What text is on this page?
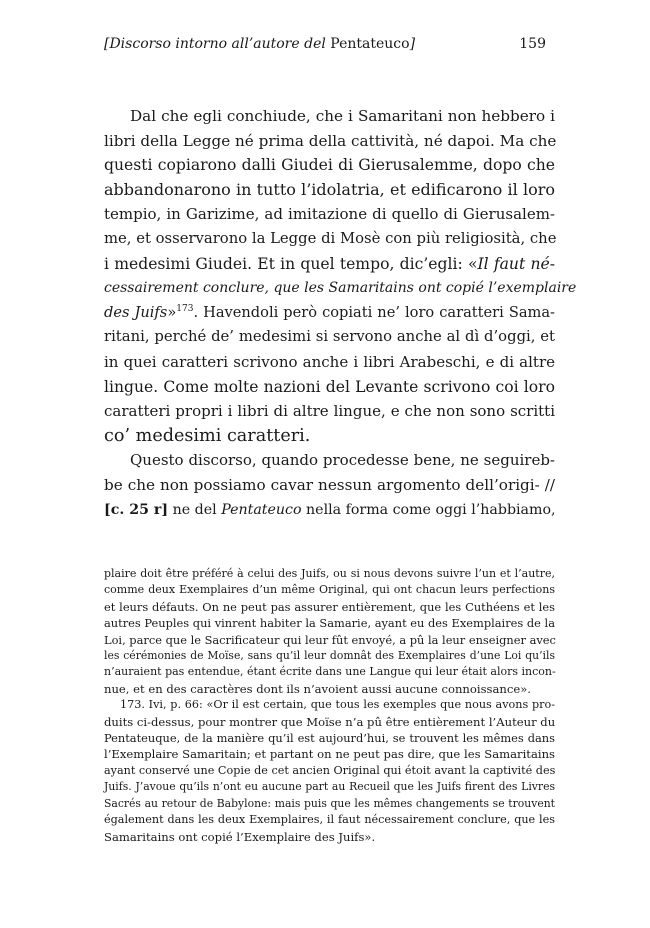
[Discorso intorno all’autore del Pentateuco]	159
Dal che egli conchiude, che i Samaritani non hebbero i
libri della Legge né prima della cattività, né dapoi. Ma che
questi copiarono dalli Giudei di Gierusalemme, dopo che
abbandonarono in tutto l’idolatria, et edificarono il loro
tempio, in Garizime, ad imitazione di quello di Gierusalem-
me, et osservarono la Legge di Mosè con più religiosità, che
i medesimi Giudei. Et in quel tempo, dic’egli: «Il faut né-
cessairement conclure, que les Samaritains ont copié l’exemplaire
des Juifs»$^{173}$. Havendoli però copiati ne’ loro caratteri Sama-
ritani, perché de’ medesimi si servono anche al dì d’oggi, et
in quei caratteri scrivono anche i libri Arabeschi, e di altre
lingue. Come molte nazioni del Levante scrivono coi loro
caratteri propri i libri di altre lingue, e che non sono scritti
co’ medesimi caratteri.
Questo discorso, quando procedesse bene, ne seguireb-
be che non possiamo cavar nessun argomento dell’origi- //
[c. 25 r] ne del Pentateuco nella forma come oggi l’habbiamo,
plaire doit être préféré à celui des Juifs, ou si nous devons suivre l’un et l’autre,
comme deux Exemplaires d’un même Original, qui ont chacun leurs perfections
et leurs défauts. On ne peut pas assurer entièrement, que les Cuthéens et les
autres Peuples qui vinrent habiter la Samarie, ayant eu des Exemplaires de la
Loi, parce que le Sacrificateur qui leur fût envoyé, a pû la leur enseigner avec
les cérémonies de Moïse, sans qu’il leur domnât des Exemplaires d’une Loi qu’ils
n’auraient pas entendue, étant écrite dans une Langue qui leur était alors incon-
nue, et en des caractères dont ils n’avoient aussi aucune connoissance».
173. Ivi, p. 66: «Or il est certain, que tous les exemples que nous avons pro-
duits ci-dessus, pour montrer que Moïse n’a pû être entièrement l’Auteur du
Pentateuque, de la manière qu’il est aujourd’hui, se trouvent les mêmes dans
l’Exemplaire Samaritain; et partant on ne peut pas dire, que les Samaritains
ayant conservé une Copie de cet ancien Original qui étoit avant la captivité des
Juifs. J’avoue qu’ils n’ont eu aucune part au Recueil que les Juifs firent des Livres
Sacrés au retour de Babylone: mais puis que les mêmes changements se trouvent
également dans les deux Exemplaires, il faut nécessairement conclure, que les
Samaritains ont copié l’Exemplaire des Juifs».
